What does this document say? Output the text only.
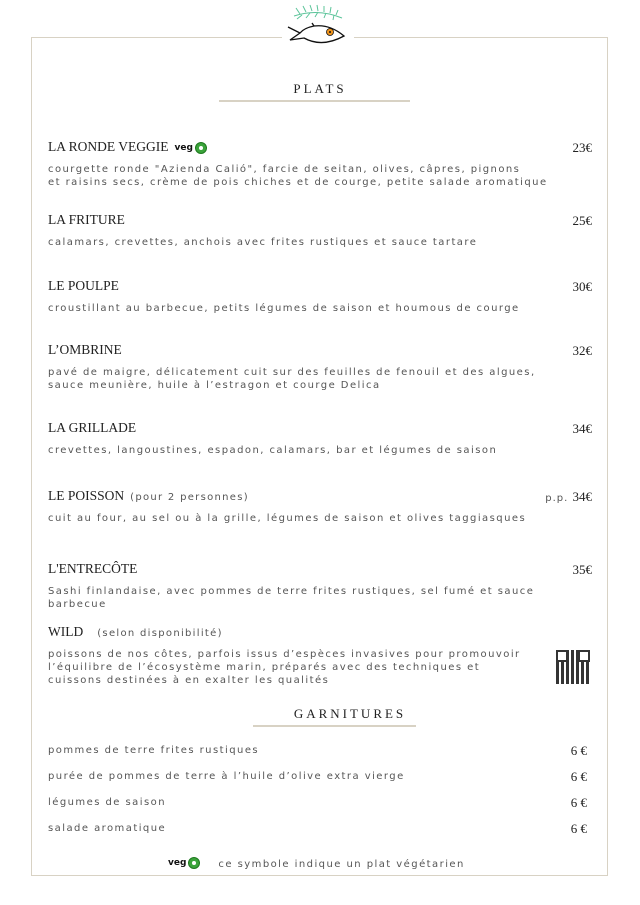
PLATS
LA RONDE VEGGIE veg	23€
courgette ronde "Azienda Calió", farcie de seitan, olives, câpres, pignons
et raisins secs, crème de pois chiches et de courge, petite salade aromatique
LA FRITURE	25€
calamars, crevettes, anchois avec frites rustiques et sauce tartare
LE POULPE	30€
croustillant au barbecue, petits légumes de saison et houmous de courge
L’OMBRINE	32€
pavé de maigre, délicatement cuit sur des feuilles de fenouil et des algues,
sauce meunière, huile à l’estragon et courge Delica
LA GRILLADE	34€
crevettes, langoustines, espadon, calamars, bar et légumes de saison
LE POISSON (pour 2 personnes)	p.p. 34€
cuit au four, au sel ou à la grille, légumes de saison et olives taggiasques
L'ENTRECÔTE	35€
Sashi finlandaise, avec pommes de terre frites rustiques, sel fumé et sauce
barbecue
WILD (selon disponibilité)
poissons de nos côtes, parfois issus d’espèces invasives pour promouvoir
l’équilibre de l’écosystème marin, préparés avec des techniques et
cuissons destinées à en exalter les qualités
GARNITURES
pommes de terre frites rustiques	6 €
purée de pommes de terre à l’huile d’olive extra vierge	6 €
légumes de saison	6 €
salade aromatique	6 €
veg	ce symbole indique un plat végétarien
